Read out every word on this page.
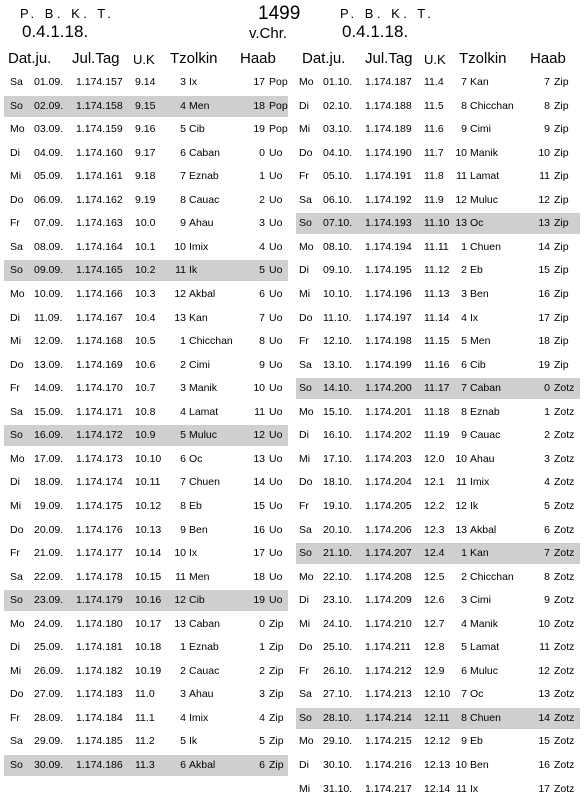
P. B. K. T.
0.4.1.18.
1499
v.Chr.
P. B. K. T.
0.4.1.18.
Dat.ju. Jul.Tag U.K Tzolkin Haab Dat.ju. Jul.Tag U.K Tzolkin Haab
Sa 01.09. 1.174.157 9.14	3 Ix	17 Pop
So 02.09. 1.174.158 9.15	4 Men	18 Pop
Mo 03.09. 1.174.159 9.16	5 Cib	19 Pop
Di 04.09. 1.174.160 9.17	6 Caban	0 Uo
Mi 05.09. 1.174.161 9.18	7 Eznab	1 Uo
Do 06.09. 1.174.162 9.19	8 Cauac	2 Uo
Fr 07.09. 1.174.163 10.0	9 Ahau	3 Uo
Sa 08.09. 1.174.164 10.1 10 Imix	4 Uo
So 09.09. 1.174.165 10.2 11 Ik	5 Uo
Mo 10.09. 1.174.166 10.3 12 Akbal	6 Uo
Di 11.09. 1.174.167 10.4 13 Kan	7 Uo
Mi 12.09. 1.174.168 10.5	1 Chicchan	8 Uo
Do 13.09. 1.174.169 10.6	2 Cimi	9 Uo
Fr 14.09. 1.174.170 10.7	3 Manik	10 Uo
Sa 15.09. 1.174.171 10.8	4 Lamat	11 Uo
So 16.09. 1.174.172 10.9	5 Muluc	12 Uo
Mo 17.09. 1.174.173 10.10	6 Oc	13 Uo
Di 18.09. 1.174.174 10.11	7 Chuen	14 Uo
Mi 19.09. 1.174.175 10.12	8 Eb	15 Uo
Do 20.09. 1.174.176 10.13	9 Ben	16 Uo
Fr 21.09. 1.174.177 10.14 10 Ix	17 Uo
Sa 22.09. 1.174.178 10.15 11 Men	18 Uo
So 23.09. 1.174.179 10.16 12 Cib	19 Uo
Mo 24.09. 1.174.180 10.17 13 Caban	0 Zip
Di 25.09. 1.174.181 10.18	1 Eznab	1 Zip
Mi 26.09. 1.174.182 10.19	2 Cauac	2 Zip
Do 27.09. 1.174.183 11.0	3 Ahau	3 Zip
Fr 28.09. 1.174.184 11.1	4 Imix	4 Zip
Sa 29.09. 1.174.185 11.2	5 Ik	5 Zip
So 30.09. 1.174.186 11.3	6 Akbal	6 Zip
Mo 01.10. 1.174.187 11.4	7 Kan	7 Zip
Di 02.10. 1.174.188 11.5	8 Chicchan	8 Zip
Mi 03.10. 1.174.189 11.6	9 Cimi	9 Zip
Do 04.10. 1.174.190 11.7 10 Manik	10 Zip
Fr 05.10. 1.174.191 11.8 11 Lamat	11 Zip
Sa 06.10. 1.174.192 11.9 12 Muluc	12 Zip
So 07.10. 1.174.193 11.10 13 Oc	13 Zip
Mo 08.10. 1.174.194 11.11	1 Chuen	14 Zip
Di 09.10. 1.174.195 11.12	2 Eb	15 Zip
Mi 10.10. 1.174.196 11.13	3 Ben	16 Zip
Do 11.10. 1.174.197 11.14	4 Ix	17 Zip
Fr 12.10. 1.174.198 11.15	5 Men	18 Zip
Sa 13.10. 1.174.199 11.16	6 Cib	19 Zip
So 14.10. 1.174.200 11.17	7 Caban	0 Zotz
Mo 15.10. 1.174.201 11.18	8 Eznab	1 Zotz
Di 16.10. 1.174.202 11.19	9 Cauac	2 Zotz
Mi 17.10. 1.174.203 12.0 10 Ahau	3 Zotz
Do 18.10. 1.174.204 12.1 11 Imix	4 Zotz
Fr 19.10. 1.174.205 12.2 12 Ik	5 Zotz
Sa 20.10. 1.174.206 12.3 13 Akbal	6 Zotz
So 21.10. 1.174.207 12.4	1 Kan	7 Zotz
Mo 22.10. 1.174.208 12.5	2 Chicchan	8 Zotz
Di 23.10. 1.174.209 12.6	3 Cimi	9 Zotz
Mi 24.10. 1.174.210 12.7	4 Manik	10 Zotz
Do 25.10. 1.174.211 12.8	5 Lamat	11 Zotz
Fr 26.10. 1.174.212 12.9	6 Muluc	12 Zotz
Sa 27.10. 1.174.213 12.10	7 Oc	13 Zotz
So 28.10. 1.174.214 12.11	8 Chuen	14 Zotz
Mo 29.10. 1.174.215 12.12	9 Eb	15 Zotz
Di 30.10. 1.174.216 12.13 10 Ben	16 Zotz
Mi 31.10. 1.174.217 12.14 11 Ix	17 Zotz
